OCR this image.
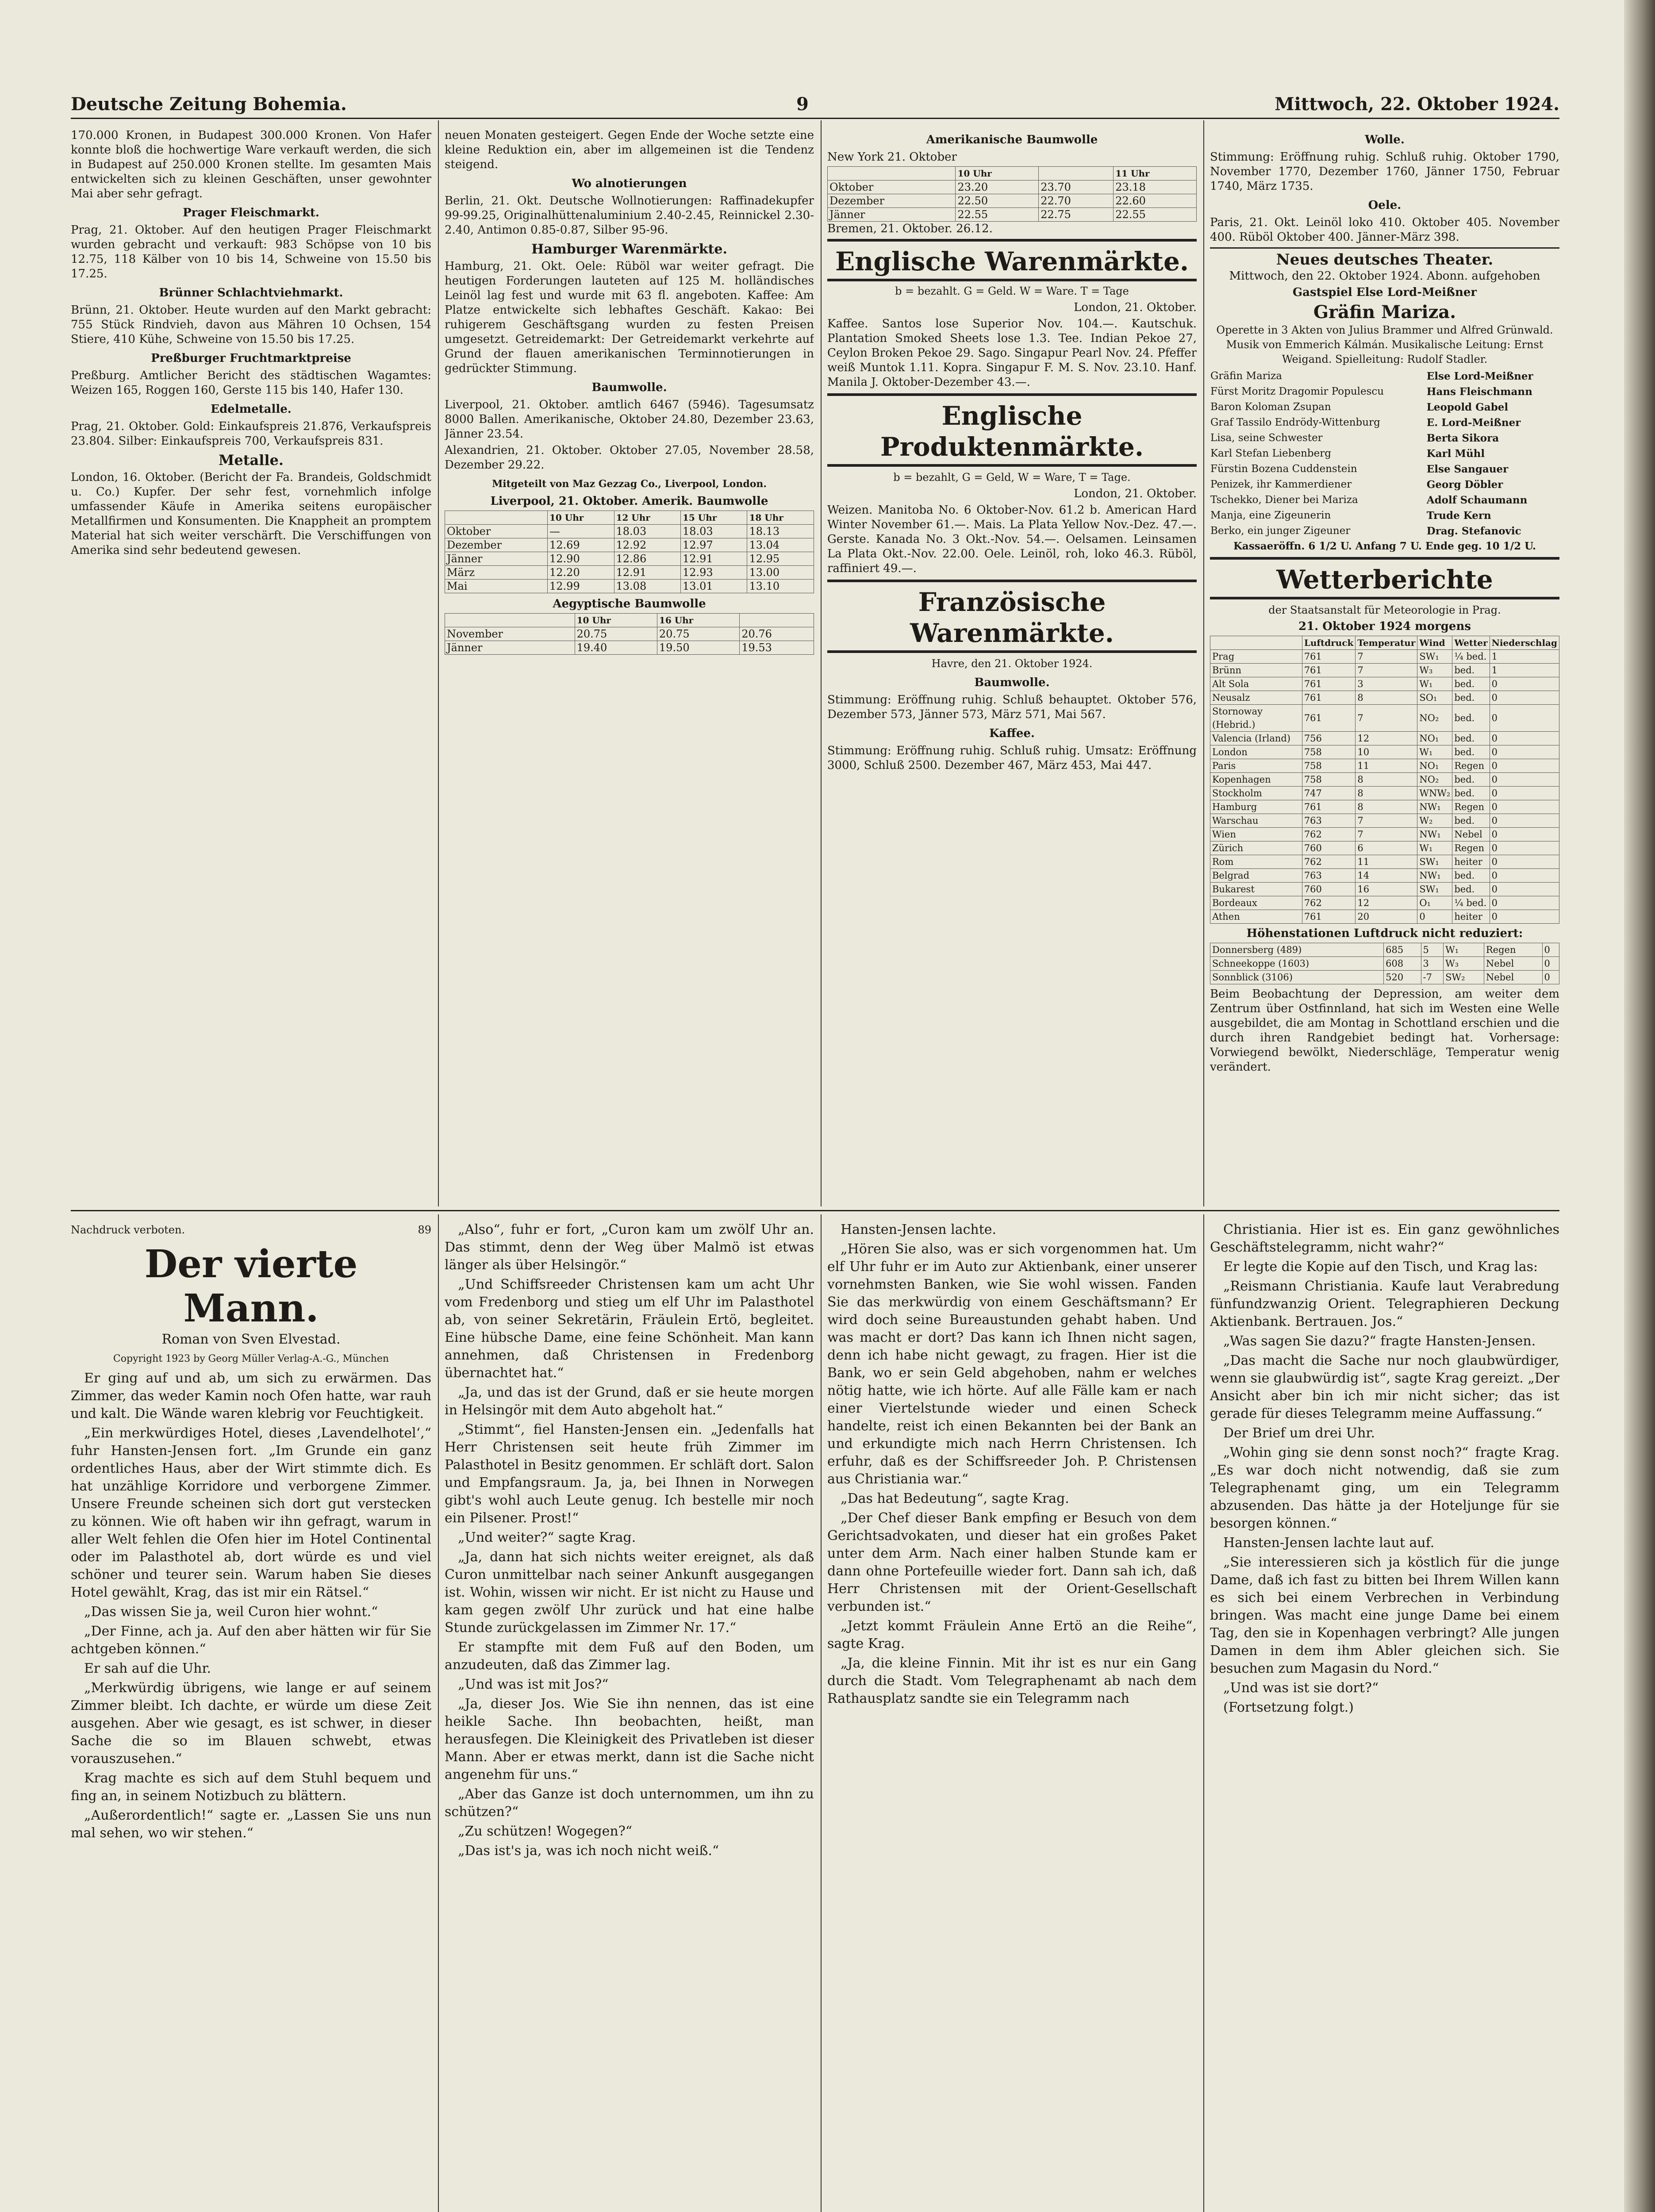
Deutsche Zeitung Bohemia.	9	Mittwoch, 22. Oktober 1924.

170.000 Kronen, in Budapest 300.000 Kronen. Von Hafer konnte bloß die hochwertige Ware verkauft werden, die sich in Budapest auf 250.000 Kronen stellte. Im gesamten Mais entwickelten sich zu kleinen Geschäften, unser gewohnter Mai aber sehr gefragt.

Prager Fleischmarkt.

Prag, 21. Oktober. Auf den heutigen Prager Fleischmarkt wurden gebracht und verkauft: 983 Schöpse von 10 bis 12.75, 118 Kälber von 10 bis 14, Schweine von 15.50 bis 17.25.

Brünner Schlachtviehmarkt.

Brünn, 21. Oktober. Heute wurden auf den Markt gebracht: 755 Stück Rindvieh, davon aus Mähren 10 Ochsen, 154 Stiere, 410 Kühe, Schweine von 15.50 bis 17.25.

Preßburger Fruchtmarktpreise

Preßburg. Amtlicher Bericht des städtischen Wagamtes: Weizen 165, Roggen 160, Gerste 115 bis 140, Hafer 130.

Edelmetalle.

Prag, 21. Oktober. Gold: Einkaufspreis 21.876, Verkaufspreis 23.804. Silber: Einkaufspreis 700, Verkaufspreis 831.

Metalle.

London, 16. Oktober. (Bericht der Fa. Brandeis, Goldschmidt u. Co.) Kupfer. Der sehr fest, vornehmlich infolge umfassender Käufe in Amerika seitens europäischer Metallfirmen und Konsumenten. Die Knappheit an promptem Material hat sich weiter verschärft. Die Verschiffungen von Amerika sind sehr bedeutend gewesen.

neuen Monaten gesteigert. Gegen Ende der Woche setzte eine kleine Reduktion ein, aber im allgemeinen ist die Tendenz steigend.

Wo alnotierungen

Berlin, 21. Okt. Deutsche Wollnotierungen: Raffinadekupfer 99-99.25, Originalhüttenaluminium 2.40-2.45, Reinnickel 2.30-2.40, Antimon 0.85-0.87, Silber 95-96.

Hamburger Warenmärkte.

Hamburg, 21. Okt. Oele: Rüböl war weiter gefragt. Die heutigen Forderungen lauteten auf 125 M. holländisches Leinöl lag fest und wurde mit 63 fl. angeboten. Kaffee: Am Platze entwickelte sich lebhaftes Geschäft. Kakao: Bei ruhigerem Geschäftsgang wurden zu festen Preisen umgesetzt. Getreidemarkt: Der Getreidemarkt verkehrte auf Grund der flauen amerikanischen Terminnotierungen in gedrückter Stimmung.

Baumwolle.

Liverpool, 21. Oktober. amtlich 6467 (5946). Tagesumsatz 8000 Ballen. Amerikanische, Oktober 24.80, Dezember 23.63, Jänner 23.54.

Alexandrien, 21. Oktober. Oktober 27.05, November 28.58, Dezember 29.22.

Mitgeteilt von Maz Gezzag Co., Liverpool, London.

Liverpool, 21. Oktober. Amerik. Baumwolle

	10 Uhr	12 Uhr	15 Uhr	18 Uhr
Oktober	—	18.03	18.03	18.13
Dezember	12.69	12.92	12.97	13.04
Jänner	12.90	12.86	12.91	12.95
März	12.20	12.91	12.93	13.00
Mai	12.99	13.08	13.01	13.10

Aegyptische Baumwolle

	10 Uhr	16 Uhr	
November	20.75	20.75	20.76
Jänner	19.40	19.50	19.53
Amerikanische Baumwolle

New York 21. Oktober

	10 Uhr		11 Uhr
Oktober	23.20	23.70	23.18
Dezember	22.50	22.70	22.60
Jänner	22.55	22.75	22.55

Bremen, 21. Oktober. 26.12.

Englische Warenmärkte.

b = bezahlt. G = Geld. W = Ware. T = Tage

London, 21. Oktober.

Kaffee. Santos lose Superior Nov. 104.—. Kautschuk. Plantation Smoked Sheets lose 1.3. Tee. Indian Pekoe 27, Ceylon Broken Pekoe 29. Sago. Singapur Pearl Nov. 24. Pfeffer weiß Muntok 1.11. Kopra. Singapur F. M. S. Nov. 23.10. Hanf. Manila J. Oktober-Dezember 43.—.

Englische Produktenmärkte.

b = bezahlt, G = Geld, W = Ware, T = Tage.

London, 21. Oktober.

Weizen. Manitoba No. 6 Oktober-Nov. 61.2 b. American Hard Winter November 61.—. Mais. La Plata Yellow Nov.-Dez. 47.—. Gerste. Kanada No. 3 Okt.-Nov. 54.—. Oelsamen. Leinsamen La Plata Okt.-Nov. 22.00. Oele. Leinöl, roh, loko 46.3. Rüböl, raffiniert 49.—.

Französische Warenmärkte.

Havre, den 21. Oktober 1924.

Baumwolle.

Stimmung: Eröffnung ruhig. Schluß behauptet. Oktober 576, Dezember 573, Jänner 573, März 571, Mai 567.

Kaffee.

Stimmung: Eröffnung ruhig. Schluß ruhig. Umsatz: Eröffnung 3000, Schluß 2500. Dezember 467, März 453, Mai 447.

Wolle.

Stimmung: Eröffnung ruhig. Schluß ruhig. Oktober 1790, November 1770, Dezember 1760, Jänner 1750, Februar 1740, März 1735.

Oele.

Paris, 21. Okt. Leinöl loko 410. Oktober 405. November 400. Rüböl Oktober 400. Jänner-März 398.

Neues deutsches Theater.

Mittwoch, den 22. Oktober 1924. Abonn. aufgehoben

Gastspiel Else Lord-Meißner

Gräfin Mariza.

Operette in 3 Akten von Julius Brammer und Alfred Grünwald. Musik von Emmerich Kálmán. Musikalische Leitung: Ernst Weigand. Spielleitung: Rudolf Stadler.

Gräfin Mariza	Else Lord-Meißner
Fürst Moritz Dragomir Populescu	Hans Fleischmann
Baron Koloman Zsupan	Leopold Gabel
Graf Tassilo Endrödy-Wittenburg	E. Lord-Meißner
Lisa, seine Schwester	Berta Sikora
Karl Stefan Liebenberg	Karl Mühl
Fürstin Bozena Cuddenstein	Else Sangauer
Penizek, ihr Kammerdiener	Georg Döbler
Tschekko, Diener bei Mariza	Adolf Schaumann
Manja, eine Zigeunerin	Trude Kern
Berko, ein junger Zigeuner	Drag. Stefanovic

Kassaeröffn. 6 1/2 U. Anfang 7 U. Ende geg. 10 1/2 U.

Wetterberichte

der Staatsanstalt für Meteorologie in Prag.

21. Oktober 1924 morgens

	Luftdruck	Temperatur	Wind	Wetter	Niederschlag
Prag	761	7	SW₁	¼ bed.	1
Brünn	761	7	W₃	bed.	1
Alt Sola	761	3	W₁	bed.	0
Neusalz	761	8	SO₁	bed.	0
Stornoway (Hebrid.)	761	7	NO₂	bed.	0
Valencia (Irland)	756	12	NO₁	bed.	0
London	758	10	W₁	bed.	0
Paris	758	11	NO₁	Regen	0
Kopenhagen	758	8	NO₂	bed.	0
Stockholm	747	8	WNW₂	bed.	0
Hamburg	761	8	NW₁	Regen	0
Warschau	763	7	W₂	bed.	0
Wien	762	7	NW₁	Nebel	0
Zürich	760	6	W₁	Regen	0
Rom	762	11	SW₁	heiter	0
Belgrad	763	14	NW₁	bed.	0
Bukarest	760	16	SW₁	bed.	0
Bordeaux	762	12	O₁	¼ bed.	0
Athen	761	20	0	heiter	0

Höhenstationen Luftdruck nicht reduziert:

Donnersberg (489)	685	5	W₁	Regen	0
Schneekoppe (1603)	608	3	W₃	Nebel	0
Sonnblick (3106)	520	-7	SW₂	Nebel	0

Beim Beobachtung der Depression, am weiter dem Zentrum über Ostfinnland, hat sich im Westen eine Welle ausgebildet, die am Montag in Schottland erschien und die durch ihren Randgebiet bedingt hat. Vorhersage: Vorwiegend bewölkt, Niederschläge, Temperatur wenig verändert.

Nachdruck verboten.	89
Der vierte Mann.

Roman von Sven Elvestad.

Copyright 1923 by Georg Müller Verlag-A.-G., München

Er ging auf und ab, um sich zu erwärmen. Das Zimmer, das weder Kamin noch Ofen hatte, war rauh und kalt. Die Wände waren klebrig vor Feuchtigkeit.

„Ein merkwürdiges Hotel, dieses ‚Lavendelhotel‘,“ fuhr Hansten-Jensen fort. „Im Grunde ein ganz ordentliches Haus, aber der Wirt stimmte dich. Es hat unzählige Korridore und verborgene Zimmer. Unsere Freunde scheinen sich dort gut verstecken zu können. Wie oft haben wir ihn gefragt, warum in aller Welt fehlen die Ofen hier im Hotel Continental oder im Palasthotel ab, dort würde es und viel schöner und teurer sein. Warum haben Sie dieses Hotel gewählt, Krag, das ist mir ein Rätsel.“

„Das wissen Sie ja, weil Curon hier wohnt.“

„Der Finne, ach ja. Auf den aber hätten wir für Sie achtgeben können.“

Er sah auf die Uhr.

„Merkwürdig übrigens, wie lange er auf seinem Zimmer bleibt. Ich dachte, er würde um diese Zeit ausgehen. Aber wie gesagt, es ist schwer, in dieser Sache die so im Blauen schwebt, etwas vorauszusehen.“

Krag machte es sich auf dem Stuhl bequem und fing an, in seinem Notizbuch zu blättern.

„Außerordentlich!“ sagte er. „Lassen Sie uns nun mal sehen, wo wir stehen.“

„Also“, fuhr er fort, „Curon kam um zwölf Uhr an. Das stimmt, denn der Weg über Malmö ist etwas länger als über Helsingör.“

„Und Schiffsreeder Christensen kam um acht Uhr vom Fredenborg und stieg um elf Uhr im Palasthotel ab, von seiner Sekretärin, Fräulein Ertö, begleitet. Eine hübsche Dame, eine feine Schönheit. Man kann annehmen, daß Christensen in Fredenborg übernachtet hat.“

„Ja, und das ist der Grund, daß er sie heute morgen in Helsingör mit dem Auto abgeholt hat.“

„Stimmt“, fiel Hansten-Jensen ein. „Jedenfalls hat Herr Christensen seit heute früh Zimmer im Palasthotel in Besitz genommen. Er schläft dort. Salon und Empfangsraum. Ja, ja, bei Ihnen in Norwegen gibt's wohl auch Leute genug. Ich bestelle mir noch ein Pilsener. Prost!“

„Und weiter?“ sagte Krag.

„Ja, dann hat sich nichts weiter ereignet, als daß Curon unmittelbar nach seiner Ankunft ausgegangen ist. Wohin, wissen wir nicht. Er ist nicht zu Hause und kam gegen zwölf Uhr zurück und hat eine halbe Stunde zurückgelassen im Zimmer Nr. 17.“

Er stampfte mit dem Fuß auf den Boden, um anzudeuten, daß das Zimmer lag.

„Und was ist mit Jos?“

„Ja, dieser Jos. Wie Sie ihn nennen, das ist eine heikle Sache. Ihn beobachten, heißt, man herausfegen. Die Kleinigkeit des Privatleben ist dieser Mann. Aber er etwas merkt, dann ist die Sache nicht angenehm für uns.“

„Aber das Ganze ist doch unternommen, um ihn zu schützen?“

„Zu schützen! Wogegen?“

„Das ist's ja, was ich noch nicht weiß.“

Hansten-Jensen lachte.

„Hören Sie also, was er sich vorgenommen hat. Um elf Uhr fuhr er im Auto zur Aktienbank, einer unserer vornehmsten Banken, wie Sie wohl wissen. Fanden Sie das merkwürdig von einem Geschäftsmann? Er wird doch seine Bureaustunden gehabt haben. Und was macht er dort? Das kann ich Ihnen nicht sagen, denn ich habe nicht gewagt, zu fragen. Hier ist die Bank, wo er sein Geld abgehoben, nahm er welches nötig hatte, wie ich hörte. Auf alle Fälle kam er nach einer Viertelstunde wieder und einen Scheck handelte, reist ich einen Bekannten bei der Bank an und erkundigte mich nach Herrn Christensen. Ich erfuhr, daß es der Schiffsreeder Joh. P. Christensen aus Christiania war.“

„Das hat Bedeutung“, sagte Krag.

„Der Chef dieser Bank empfing er Besuch von dem Gerichtsadvokaten, und dieser hat ein großes Paket unter dem Arm. Nach einer halben Stunde kam er dann ohne Portefeuille wieder fort. Dann sah ich, daß Herr Christensen mit der Orient-Gesellschaft verbunden ist.“

„Jetzt kommt Fräulein Anne Ertö an die Reihe“, sagte Krag.

„Ja, die kleine Finnin. Mit ihr ist es nur ein Gang durch die Stadt. Vom Telegraphenamt ab nach dem Rathausplatz sandte sie ein Telegramm nach

Christiania. Hier ist es. Ein ganz gewöhnliches Geschäftstelegramm, nicht wahr?“

Er legte die Kopie auf den Tisch, und Krag las:

„Reismann Christiania. Kaufe laut Verabredung fünfundzwanzig Orient. Telegraphieren Deckung Aktienbank. Bertrauen. Jos.“

„Was sagen Sie dazu?“ fragte Hansten-Jensen.

„Das macht die Sache nur noch glaubwürdiger, wenn sie glaubwürdig ist“, sagte Krag gereizt. „Der Ansicht aber bin ich mir nicht sicher; das ist gerade für dieses Telegramm meine Auffassung.“

Der Brief um drei Uhr.

„Wohin ging sie denn sonst noch?“ fragte Krag. „Es war doch nicht notwendig, daß sie zum Telegraphenamt ging, um ein Telegramm abzusenden. Das hätte ja der Hoteljunge für sie besorgen können.“

Hansten-Jensen lachte laut auf.

„Sie interessieren sich ja köstlich für die junge Dame, daß ich fast zu bitten bei Ihrem Willen kann es sich bei einem Verbrechen in Verbindung bringen. Was macht eine junge Dame bei einem Tag, den sie in Kopenhagen verbringt? Alle jungen Damen in dem ihm Abler gleichen sich. Sie besuchen zum Magasin du Nord.“

„Und was ist sie dort?“

(Fortsetzung folgt.)
